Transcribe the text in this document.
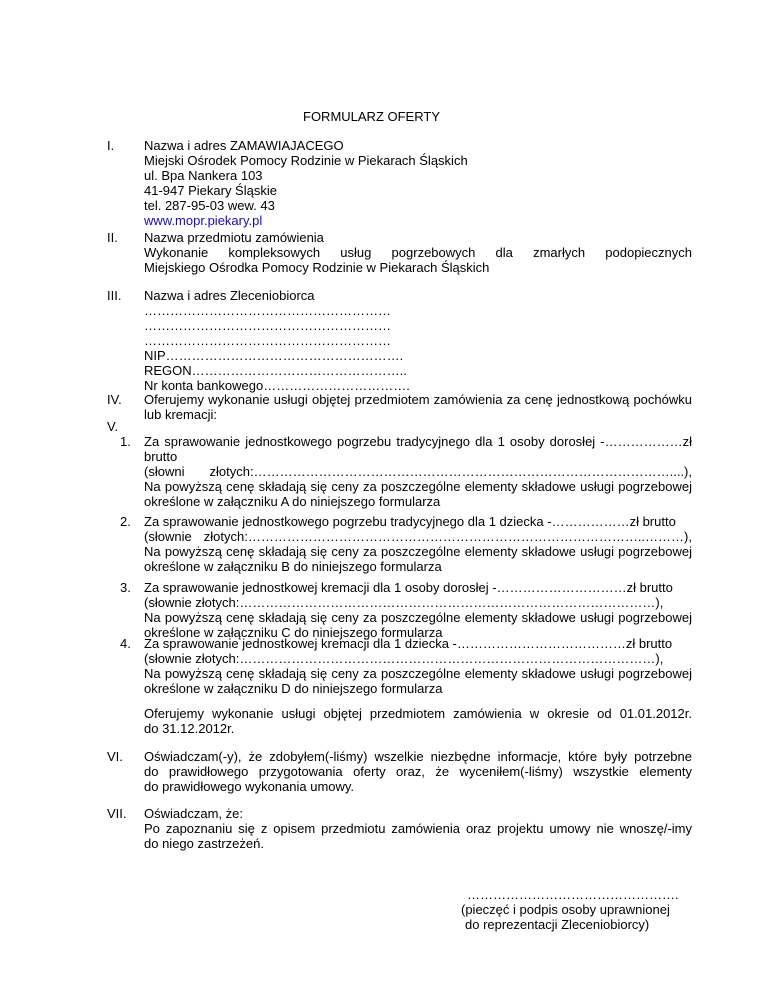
FORMULARZ OFERTY
I. Nazwa i adres ZAMAWIAJACEGO
Miejski Ośrodek Pomocy Rodzinie w Piekarach Śląskich
ul. Bpa Nankera 103
41-947 Piekary Śląskie
tel. 287-95-03 wew. 43
www.mopr.piekary.pl
II. Nazwa przedmiotu zamówienia
Wykonanie kompleksowych usług pogrzebowych dla zmarłych podopiecznych
Miejskiego Ośrodka Pomocy Rodzinie w Piekarach Śląskich
III. Nazwa i adres Zleceniobiorca
…………………………………………………
…………………………………………………
…………………………………………………
NIP……………………………………………….
REGON…………………………………………..
Nr konta bankowego…………………………….
IV. Oferujemy wykonanie usługi objętej przedmiotem zamówienia za cenę jednostkową pochówku
lub kremacji:
V.
1. Za sprawowanie jednostkowego pogrzebu tradycyjnego dla 1 osoby dorosłej -………………zł
brutto
(słowni złotych:……………………………………………………………………………………....),
Na powyższą cenę składają się ceny za poszczególne elementy składowe usługi pogrzebowej
określone w załączniku A do niniejszego formularza
2. Za sprawowanie jednostkowego pogrzebu tradycyjnego dla 1 dziecka -………………zł brutto
(słownie złotych:………………………………………………………………………………..………),
Na powyższą cenę składają się ceny za poszczególne elementy składowe usługi pogrzebowej
określone w załączniku B do niniejszego formularza
3. Za sprawowanie jednostkowej kremacji dla 1 osoby dorosłej -…………………………zł brutto
(słownie złotych:……………………………………………………………………………………),
Na powyższą cenę składają się ceny za poszczególne elementy składowe usługi pogrzebowej
określone w załączniku C do niniejszego formularza
4. Za sprawowanie jednostkowej kremacji dla 1 dziecka -…………………………………zł brutto
(słownie złotych:……………………………………………………………………………………),
Na powyższą cenę składają się ceny za poszczególne elementy składowe usługi pogrzebowej
określone w załączniku D do niniejszego formularza
Oferujemy wykonanie usługi objętej przedmiotem zamówienia w okresie od 01.01.2012r.
do 31.12.2012r.
VI. Oświadczam(-y), że zdobyłem(-liśmy) wszelkie niezbędne informacje, które były potrzebne
do prawidłowego przygotowania oferty oraz, że wyceniłem(-liśmy) wszystkie elementy
do prawidłowego wykonania umowy.
VII. Oświadczam, że:
Po zapoznaniu się z opisem przedmiotu zamówienia oraz projektu umowy nie wnoszę/-imy
do niego zastrzeżeń.
………………………………………….
(pieczęć i podpis osoby uprawnionej
do reprezentacji Zleceniobiorcy)
